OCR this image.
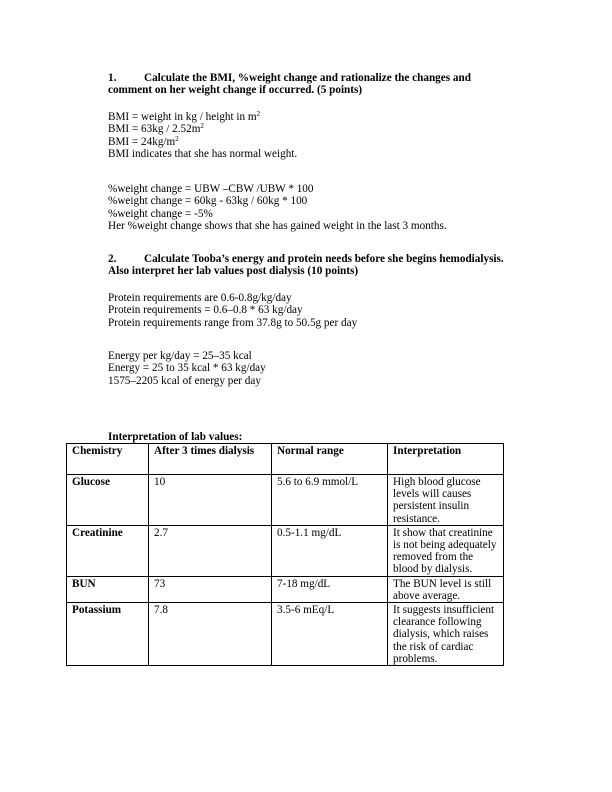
1. Calculate the BMI, %weight change and rationalize the changes and
comment on her weight change if occurred. (5 points)
BMI = weight in kg / height in $m^2$
BMI = $63kg / 2.52m^2$
BMI = $24kg/m^2$
BMI indicates that she has normal weight.
%weight change = UBW –CBW /UBW * 100
%weight change = 60kg - 63kg / 60kg * 100
%weight change = -5%
Her %weight change shows that she has gained weight in the last 3 months.
2. Calculate Tooba’s energy and protein needs before she begins hemodialysis.
Also interpret her lab values post dialysis (10 points)
Protein requirements are 0.6-0.8g/kg/day
Protein requirements = 0.6–0.8 * 63 kg/day
Protein requirements range from 37.8g to 50.5g per day
Energy per kg/day = 25–35 kcal
Energy = 25 to 35 kcal * 63 kg/day
1575–2205 kcal of energy per day
Interpretation of lab values:
Chemistry	After 3 times dialysis	Normal range	Interpretation
Glucose	10	5.6 to 6.9 mmol/L	High blood glucose levels will causes persistent insulin resistance.
Creatinine	2.7	0.5-1.1 mg/dL	It show that creatinine is not being adequately removed from the blood by dialysis.
BUN	73	7-18 mg/dL	The BUN level is still above average.
Potassium	7.8	3.5-6 mEq/L	It suggests insufficient clearance following dialysis, which raises the risk of cardiac problems.
